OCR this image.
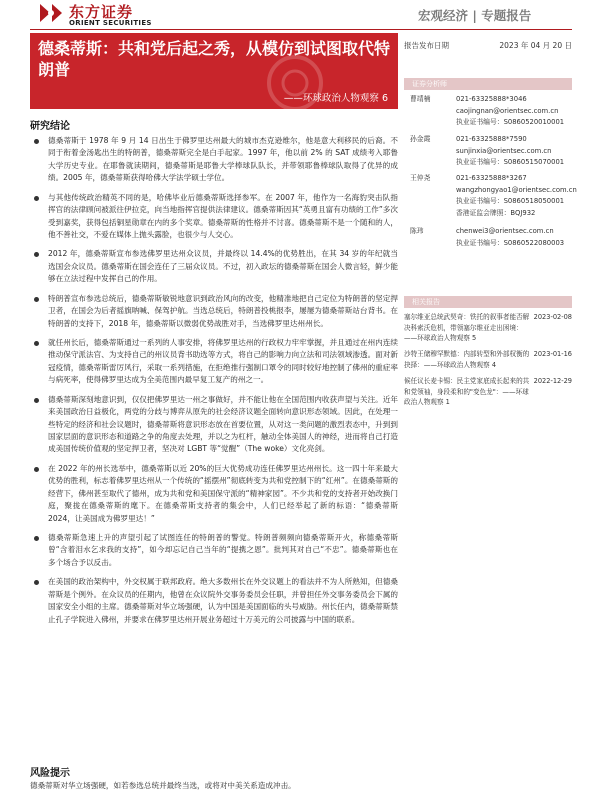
东方证券
ORIENT SECURITIES	宏观经济 | 专题报告
德桑蒂斯：共和党后起之秀，从模仿到试图取代特朗普
——环球政治人物观察 6
报告发布日期	2023 年 04 月 20 日
证券分析师
曹靖楠	021-63325888*3046
caojingnan@orientsec.com.cn
执业证书编号：S0860520010001
孙金霞	021-63325888*7590
sunjinxia@orientsec.com.cn
执业证书编号：S0860515070001
王仲尧	021-63325888*3267
wangzhongyao1@orientsec.com.cn
执业证书编号：S0860518050001
香港证监会牌照：BQJ932
陈玮	chenwei3@orientsec.com.cn
执业证书编号：S0860522080003
相关报告
塞尔维亚总统武契奇：铁托的叙事者能否解决科索沃危机，带领塞尔维亚走出困境：——环球政治人物观察 5
2023-02-08
沙特王储穆罕默德：内部转型和外部权衡的抉择：——环球政治人物观察 4
2023-01-16
候任议长麦卡锡：民主党家底成长起来的共和党领袖，身段柔和的"变色龙"：——环球政治人物观察 1
2022-12-29
研究结论
德桑蒂斯于 1978 年 9 月 14 日出生于佛罗里达州最大的城市杰克逊维尔，他是意大利移民的后裔。不同于衔着金汤匙出生的特朗普，德桑蒂斯完全是白手起家。1997 年，他以前 2% 的 SAT 成绩考入耶鲁大学历史专业。在耶鲁就读期间，德桑蒂斯是耶鲁大学棒球队队长，并带领耶鲁棒球队取得了优异的成绩。2005 年，德桑蒂斯获得哈佛大学法学硕士学位。
与其他传统政治精英不同的是，哈佛毕业后德桑蒂斯选择参军。在 2007 年，他作为一名海豹突击队指挥官的法律顾问被派往伊拉克，向当地指挥官提供法律建议。德桑蒂斯因其“英勇且富有功绩的工作”多次受到嘉奖，获得包括铜星勋章在内的多个奖章。德桑蒂斯的性格并不讨喜。德桑蒂斯不是一个随和的人，他不善社交，不爱在媒体上抛头露脸，也很少与人交心。
2012 年，德桑蒂斯宣布参选佛罗里达州众议员，并最终以 14.4%的优势胜出，在其 34 岁的年纪就当选国会众议员。德桑蒂斯在国会连任了三届众议员。不过，初入政坛的德桑蒂斯在国会人微言轻，鲜少能够在立法过程中发挥自己的作用。
特朗普宣布参选总统后，德桑蒂斯敏锐地意识到政治风向的改变，他精准地把自己定位为特朗普的坚定捍卫者，在国会为后者摇旗呐喊、保驾护航。当选总统后，特朗普投桃报李，屡屡为德桑蒂斯站台背书。在特朗普的支持下，2018 年，德桑蒂斯以微弱优势战胜对手，当选佛罗里达州州长。
就任州长后，德桑蒂斯通过一系列的人事安排，将佛罗里达州的行政权力牢牢掌握，并且通过在州内连续推动保守派法官、为支持自己的州议员背书助选等方式，将自己的影响力向立法和司法领域渗透。面对新冠疫情，德桑蒂斯雷厉风行，采取一系列措施，在拒绝推行强制口罩令的同时较好地控制了佛州的重症率与病死率，使得佛罗里达成为全美范围内最早复工复产的州之一。
德桑蒂斯深刻地意识到，仅仅把佛罗里达一州之事做好，并不能让他在全国范围内收获声望与关注。近年来美国政治日益极化，两党的分歧与博弈从原先的社会经济议题全面转向意识形态领域。因此，在处理一些特定的经济和社会议题时，德桑蒂斯将意识形态放在首要位置，从对这一类问题的激烈表态中，升到到国家层面的意识形态和道路之争的角度去处理，并以之为杠杆，触动全体美国人的神经，进而将自己打造成美国传统价值观的坚定捍卫者，坚决对 LGBT 等“觉醒”（The woke）文化亮剑。
在 2022 年的州长选举中，德桑蒂斯以近 20%的巨大优势成功连任佛罗里达州州长。这一四十年来最大优势的胜利，标志着佛罗里达州从一个传统的“摇摆州”彻底转变为共和党控制下的“红州”。在德桑蒂斯的经营下，佛州甚至取代了德州，成为共和党和美国保守派的“精神家园”。不少共和党的支持者开始改换门庭，聚拢在德桑蒂斯的麾下。在德桑蒂斯支持者的集会中，人们已经举起了新的标语：“德桑蒂斯 2024，让美国成为佛罗里达！”
德桑蒂斯急速上升的声望引起了试图连任的特朗普的警觉。特朗普频频向德桑蒂斯开火，称德桑蒂斯曾“含着泪水乞求我的支持”，如今却忘记自己当年的“提携之恩”。批判其对自己“不忠”。德桑蒂斯也在多个场合予以反击。
在美国的政治架构中，外交权属于联邦政府。绝大多数州长在外交议题上的看法并不为人所熟知，但德桑蒂斯是个例外。在众议员的任期内，他曾在众议院外交事务委员会任职，并曾担任外交事务委员会下属的国家安全小组的主席。德桑蒂斯对华立场强硬，认为中国是美国面临的头号威胁。州长任内，德桑蒂斯禁止孔子学院进入佛州，并要求在佛罗里达州开展业务超过十万美元的公司披露与中国的联系。
风险提示
德桑蒂斯对华立场强硬，如若参选总统并最终当选，或将对中美关系造成冲击。
